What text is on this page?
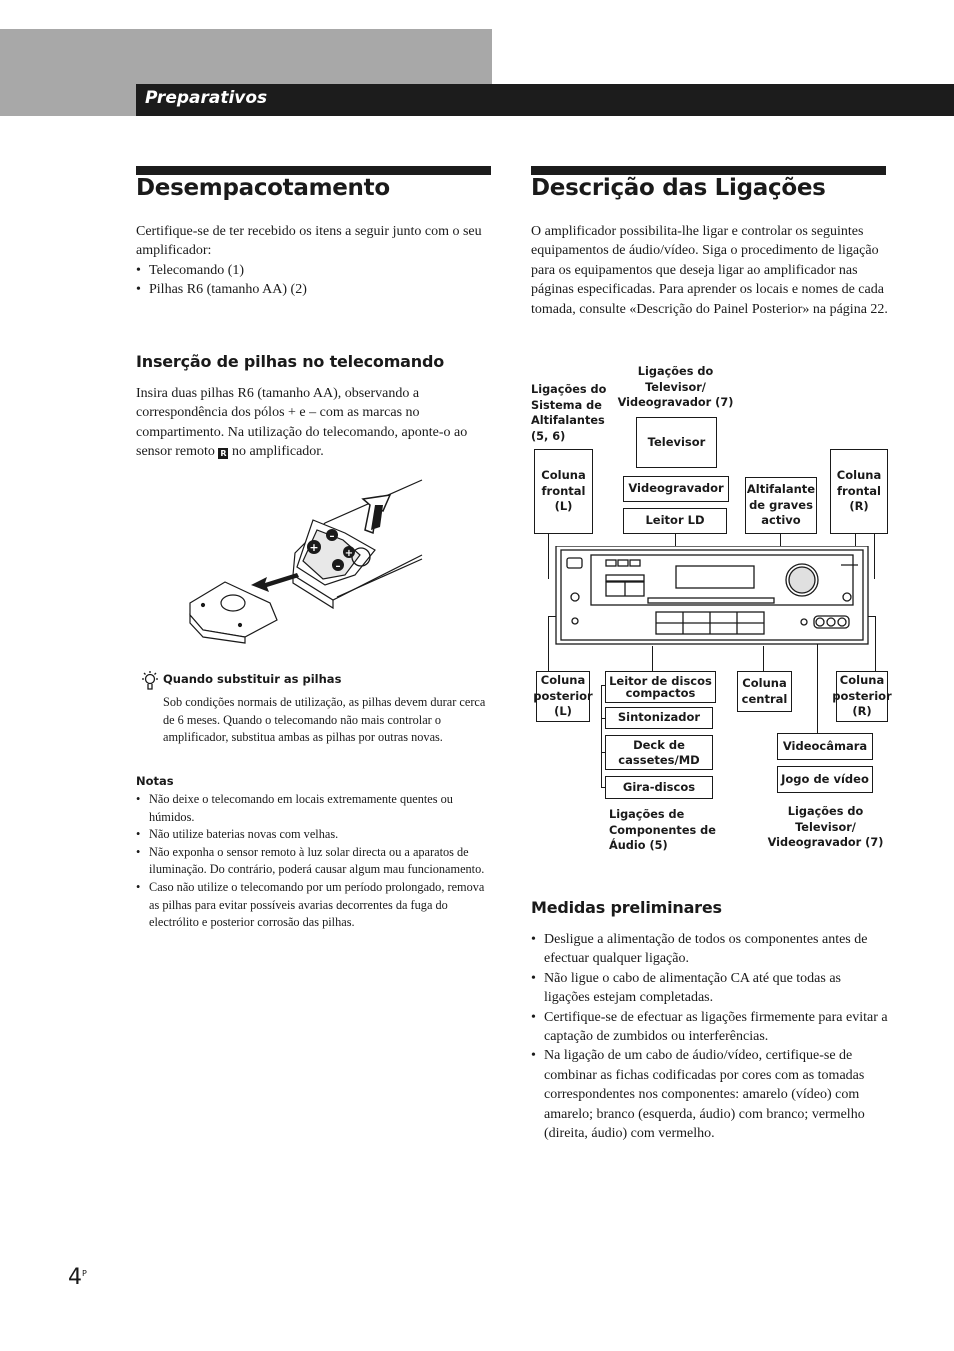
Preparativos
Desempacotamento

Certifique-se de ter recebido os itens a seguir junto com o seu amplificador:

• Telecomando (1)
• Pilhas R6 (tamanho AA) (2)
Inserção de pilhas no telecomando

Insira duas pilhas R6 (tamanho AA), observando a correspondência dos pólos + e – com as marcas no compartimento. Na utilização do telecomando, aponte-o ao sensor remoto R no amplificador.

+
–
+
–
Quando substituir as pilhas

Sob condições normais de utilização, as pilhas devem durar cerca de 6 meses. Quando o telecomando não mais controlar o amplificador, substitua ambas as pilhas por outras novas.

Notas
• Não deixe o telecomando em locais extremamente quentes ou húmidos.
• Não utilize baterias novas com velhas.
• Não exponha o sensor remoto à luz solar directa ou a aparatos de iluminação. Do contrário, poderá causar algum mau funcionamento.
• Caso não utilize o telecomando por um período prolongado, remova as pilhas para evitar possíveis avarias decorrentes da fuga do electrólito e posterior corrosão das pilhas.
Descrição das Ligações

O amplificador possibilita-lhe ligar e controlar os seguintes equipamentos de áudio/vídeo. Siga o procedimento de ligação para os equipamentos que deseja ligar ao amplificador nas páginas especificadas. Para aprender os locais e nomes de cada tomada, consulte «Descrição do Painel Posterior» na página 22.

Ligações do Sistema de Altifalantes (5, 6)
Ligações do Televisor/ Videogravador (7)
Ligações de Componentes de Áudio (5)
Ligações do Televisor/ Videogravador (7)
Televisor
Coluna frontal (L)
Coluna frontal (R)
Videogravador
Leitor LD
Altifalante de graves activo
Coluna posterior (L)
Coluna posterior (R)
Leitor de discos compactos
Coluna central
Sintonizador
Deck de cassetes/MD
Gira-discos
Videocâmara
Jogo de vídeo
Medidas preliminares
• Desligue a alimentação de todos os componentes antes de efectuar qualquer ligação.
• Não ligue o cabo de alimentação CA até que todas as ligações estejam completadas.
• Certifique-se de efectuar as ligações firmemente para evitar a captação de zumbidos ou interferências.
• Na ligação de um cabo de áudio/vídeo, certifique-se de combinar as fichas codificadas por cores com as tomadas correspondentes nos componentes: amarelo (vídeo) com amarelo; branco (esquerda, áudio) com branco; vermelho (direita, áudio) com vermelho.
$4^P$
